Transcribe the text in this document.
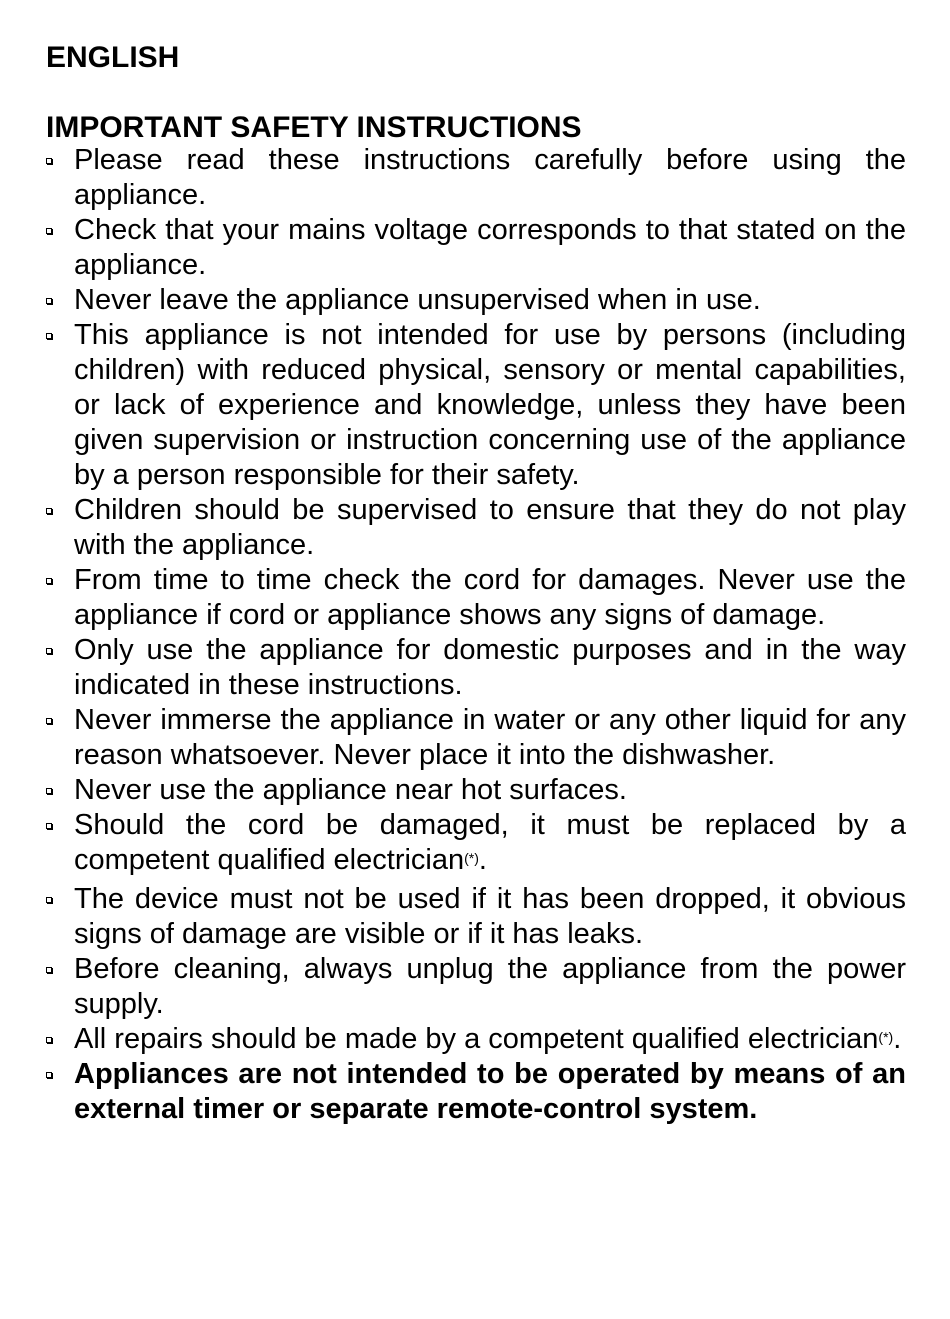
ENGLISH

IMPORTANT SAFETY INSTRUCTIONS

Please read these instructions carefully before using the appliance.
Check that your mains voltage corresponds to that stated on the appliance.
Never leave the appliance unsupervised when in use.
This appliance is not intended for use by persons (including children) with reduced physical, sensory or mental capabilities, or lack of experience and knowledge, unless they have been given supervision or instruction concerning use of the appliance by a person responsible for their safety.
Children should be supervised to ensure that they do not play with the appliance.
From time to time check the cord for damages. Never use the appliance if cord or appliance shows any signs of damage.
Only use the appliance for domestic purposes and in the way indicated in these instructions.
Never immerse the appliance in water or any other liquid for any reason whatsoever. Never place it into the dishwasher.
Never use the appliance near hot surfaces.
Should the cord be damaged, it must be replaced by a competent qualified electrician(*).
The device must not be used if it has been dropped, it obvious signs of damage are visible or if it has leaks.
Before cleaning, always unplug the appliance from the power supply.
All repairs should be made by a competent qualified electrician(*).
Appliances are not intended to be operated by means of an external timer or separate remote-control system.
